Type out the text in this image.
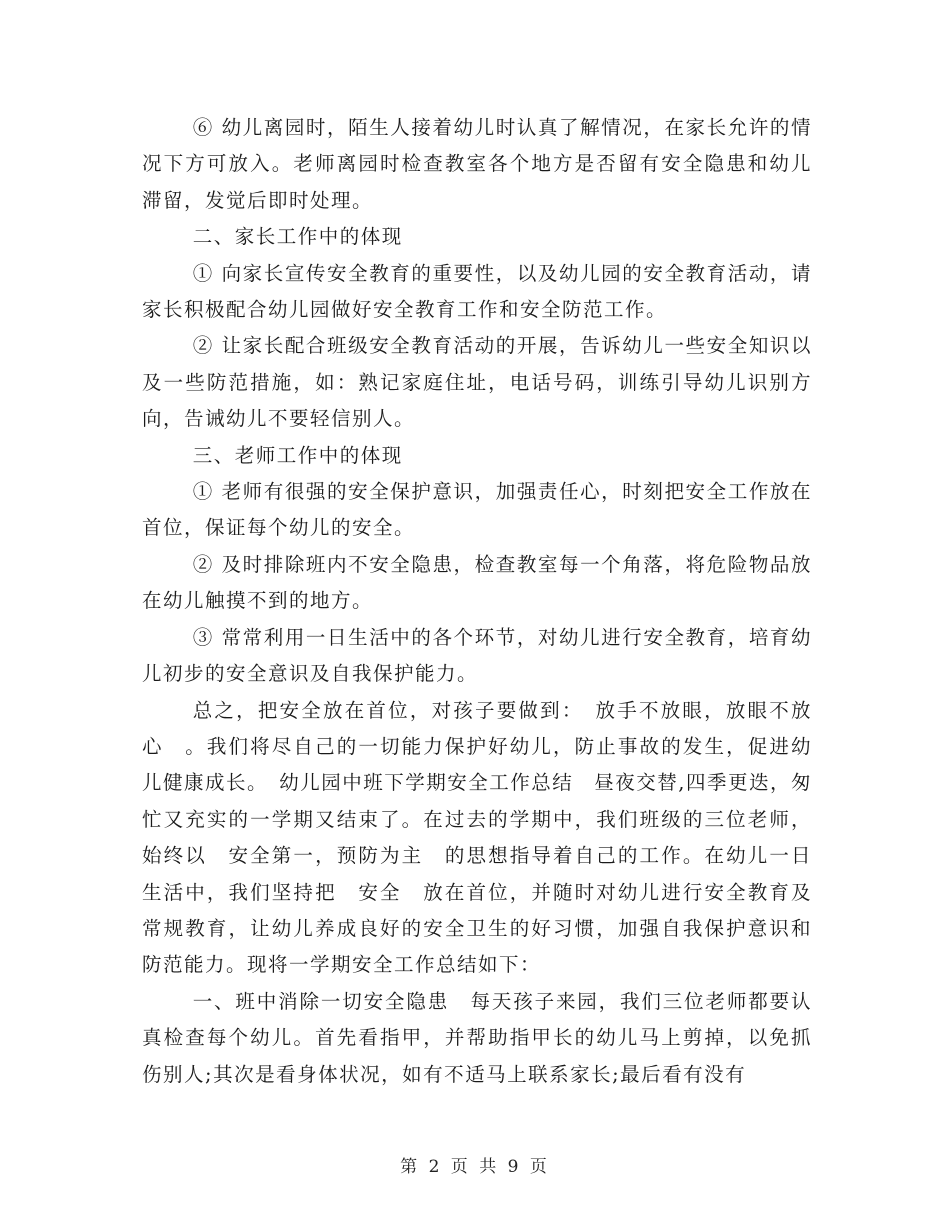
⑥ 幼儿离园时，陌生人接着幼儿时认真了解情况，在家长允许的情况下方可放入。老师离园时检查教室各个地方是否留有安全隐患和幼儿滞留，发觉后即时处理。

二、家长工作中的体现

① 向家长宣传安全教育的重要性，以及幼儿园的安全教育活动，请家长积极配合幼儿园做好安全教育工作和安全防范工作。

② 让家长配合班级安全教育活动的开展，告诉幼儿一些安全知识以及一些防范措施，如：熟记家庭住址，电话号码，训练引导幼儿识别方向，告诫幼儿不要轻信别人。

三、老师工作中的体现

① 老师有很强的安全保护意识，加强责任心，时刻把安全工作放在首位，保证每个幼儿的安全。

② 及时排除班内不安全隐患，检查教室每一个角落，将危险物品放在幼儿触摸不到的地方。

③ 常常利用一日生活中的各个环节，对幼儿进行安全教育，培育幼儿初步的安全意识及自我保护能力。

总之，把安全放在首位，对孩子要做到：　放手不放眼，放眼不放心　。我们将尽自己的一切能力保护好幼儿，防止事故的发生，促进幼儿健康成长。　幼儿园中班下学期安全工作总结　昼夜交替,四季更迭，匆忙又充实的一学期又结束了。在过去的学期中，我们班级的三位老师，始终以　安全第一，预防为主　的思想指导着自己的工作。在幼儿一日生活中，我们坚持把　安全　放在首位，并随时对幼儿进行安全教育及常规教育，让幼儿养成良好的安全卫生的好习惯，加强自我保护意识和防范能力。现将一学期安全工作总结如下：

一、班中消除一切安全隐患　每天孩子来园，我们三位老师都要认真检查每个幼儿。首先看指甲，并帮助指甲长的幼儿马上剪掉，以免抓伤别人;其次是看身体状况，如有不适马上联系家长;最后看有没有

第 2 页 共 9 页
